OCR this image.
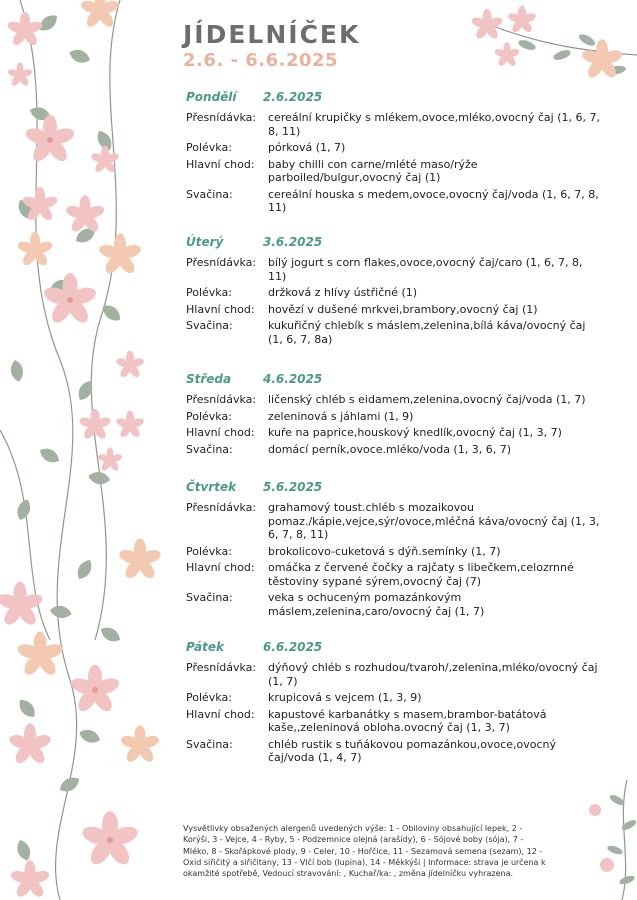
JÍDELNÍČEK
2.6. - 6.6.2025
Pondělí 2.6.2025
Přesnídávka:	cereální krupičky s mlékem,ovoce,mléko,ovocný čaj (1, 6, 7, 8, 11)
Polévka:	pórková (1, 7)
Hlavní chod:	baby chilli con carne/mlété maso/rýže parboiled/bulgur,ovocný čaj (1)
Svačina:	cereální houska s medem,ovoce,ovocný čaj/voda (1, 6, 7, 8, 11)
Úterý	3.6.2025
Přesnídávka:	bílý jogurt s corn flakes,ovoce,ovocný čaj/caro (1, 6, 7, 8, 11)
Polévka:	držková z hlívy ústřičné (1)
Hlavní chod:	hovězí v dušené mrkvei,brambory,ovocný čaj (1)
Svačina:	kukuřičný chlebík s máslem,zelenina,bílá káva/ovocný čaj (1, 6, 7, 8a)
Středa	4.6.2025
Přesnídávka:	ličenský chléb s eidamem,zelenina,ovocný čaj/voda (1, 7)
Polévka:	zeleninová s jáhlami (1, 9)
Hlavní chod:	kuře na paprice,houskový knedlík,ovocný čaj (1, 3, 7)
Svačina:	domácí perník,ovoce.mléko/voda (1, 3, 6, 7)
Čtvrtek 5.6.2025
Přesnídávka:	grahamový toust.chléb s mozaikovou pomaz./kápie,vejce,sýr/ovoce,mléčná káva/ovocný čaj (1, 3, 6, 7, 8, 11)
Polévka:	brokolicovo-cuketová s dýň.semínky (1, 7)
Hlavní chod:	omáčka z červené čočky a rajčaty s libečkem,celozrnné těstoviny sypané sýrem,ovocný čaj (7)
Svačina:	veka s ochuceným pomazánkovým máslem,zelenina,caro/ovocný čaj (1, 7)
Pátek	6.6.2025
Přesnídávka:	dýňový chléb s rozhudou/tvaroh/,zelenina,mléko/ovocný čaj (1, 7)
Polévka:	krupicová s vejcem (1, 3, 9)
Hlavní chod:	kapustové karbanátky s masem,brambor-batátová kaše,,zeleninová obloha.ovocný čaj (1, 3, 7)
Svačina:	chléb rustik s tuňákovou pomazánkou,ovoce,ovocný čaj/voda (1, 4, 7)
Vysvětlivky obsažených alergenů uvedených výše: 1 - Obiloviny obsahující lepek, 2 - Korýši, 3 - Vejce, 4 - Ryby, 5 - Podzemnice olejná (arašídy), 6 - Sójové boby (sója), 7 - Mléko, 8 - Skořápkové plody, 9 - Celer, 10 - Hořčice, 11 - Sezamová semena (sezam), 12 - Oxid siřičitý a siřičitany, 13 - Vlčí bob (lupina), 14 - Měkkýši | Informace: strava je určena k okamžité spotřebě, Vedoucí stravování: , Kuchař/ka: , změna jídelníčku vyhrazena.
